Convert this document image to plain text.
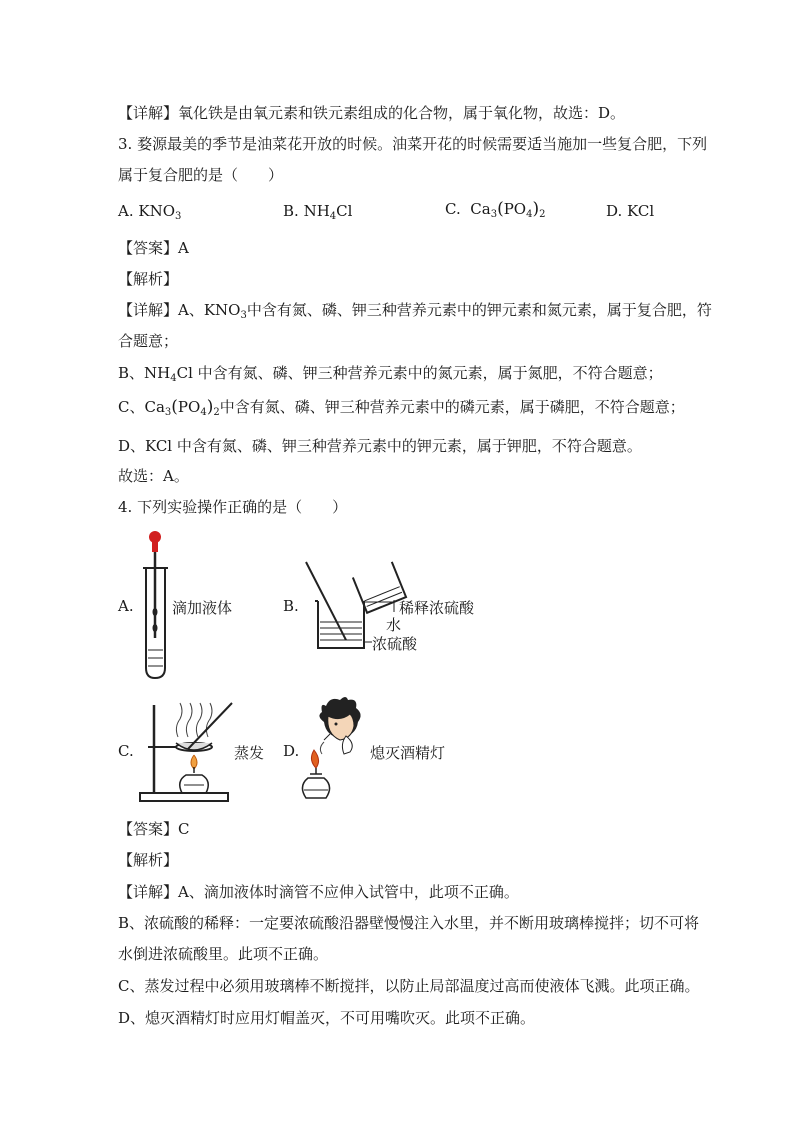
【详解】氧化铁是由氧元素和铁元素组成的化合物，属于氧化物，故选：D。
3. 婺源最美的季节是油菜花开放的时候。油菜开花的时候需要适当施加一些复合肥，下列
属于复合肥的是（　　）
A. $KNO_3$	B. $NH_4Cl$	C. $Ca_3(PO_4)_2$	D. KCl
【答案】A
【解析】
【详解】A、$KNO_3$中含有氮、磷、钾三种营养元素中的钾元素和氮元素，属于复合肥，符
合题意；
B、$NH_4Cl$ 中含有氮、磷、钾三种营养元素中的氮元素，属于氮肥，不符合题意；
C、$Ca_3(PO_4)_2$中含有氮、磷、钾三种营养元素中的磷元素，属于磷肥，不符合题意；
D、KCl 中含有氮、磷、钾三种营养元素中的钾元素，属于钾肥，不符合题意。
故选：A。
4. 下列实验操作正确的是（　　）
A.	滴加液体	B.	稀释浓硫酸
水
浓硫酸
C.	蒸发 D.	熄灭酒精灯
【答案】C
【解析】
【详解】A、滴加液体时滴管不应伸入试管中，此项不正确。
B、浓硫酸的稀释：一定要浓硫酸沿器壁慢慢注入水里，并不断用玻璃棒搅拌；切不可将
水倒进浓硫酸里。此项不正确。
C、蒸发过程中必须用玻璃棒不断搅拌，以防止局部温度过高而使液体飞溅。此项正确。
D、熄灭酒精灯时应用灯帽盖灭，不可用嘴吹灭。此项不正确。
